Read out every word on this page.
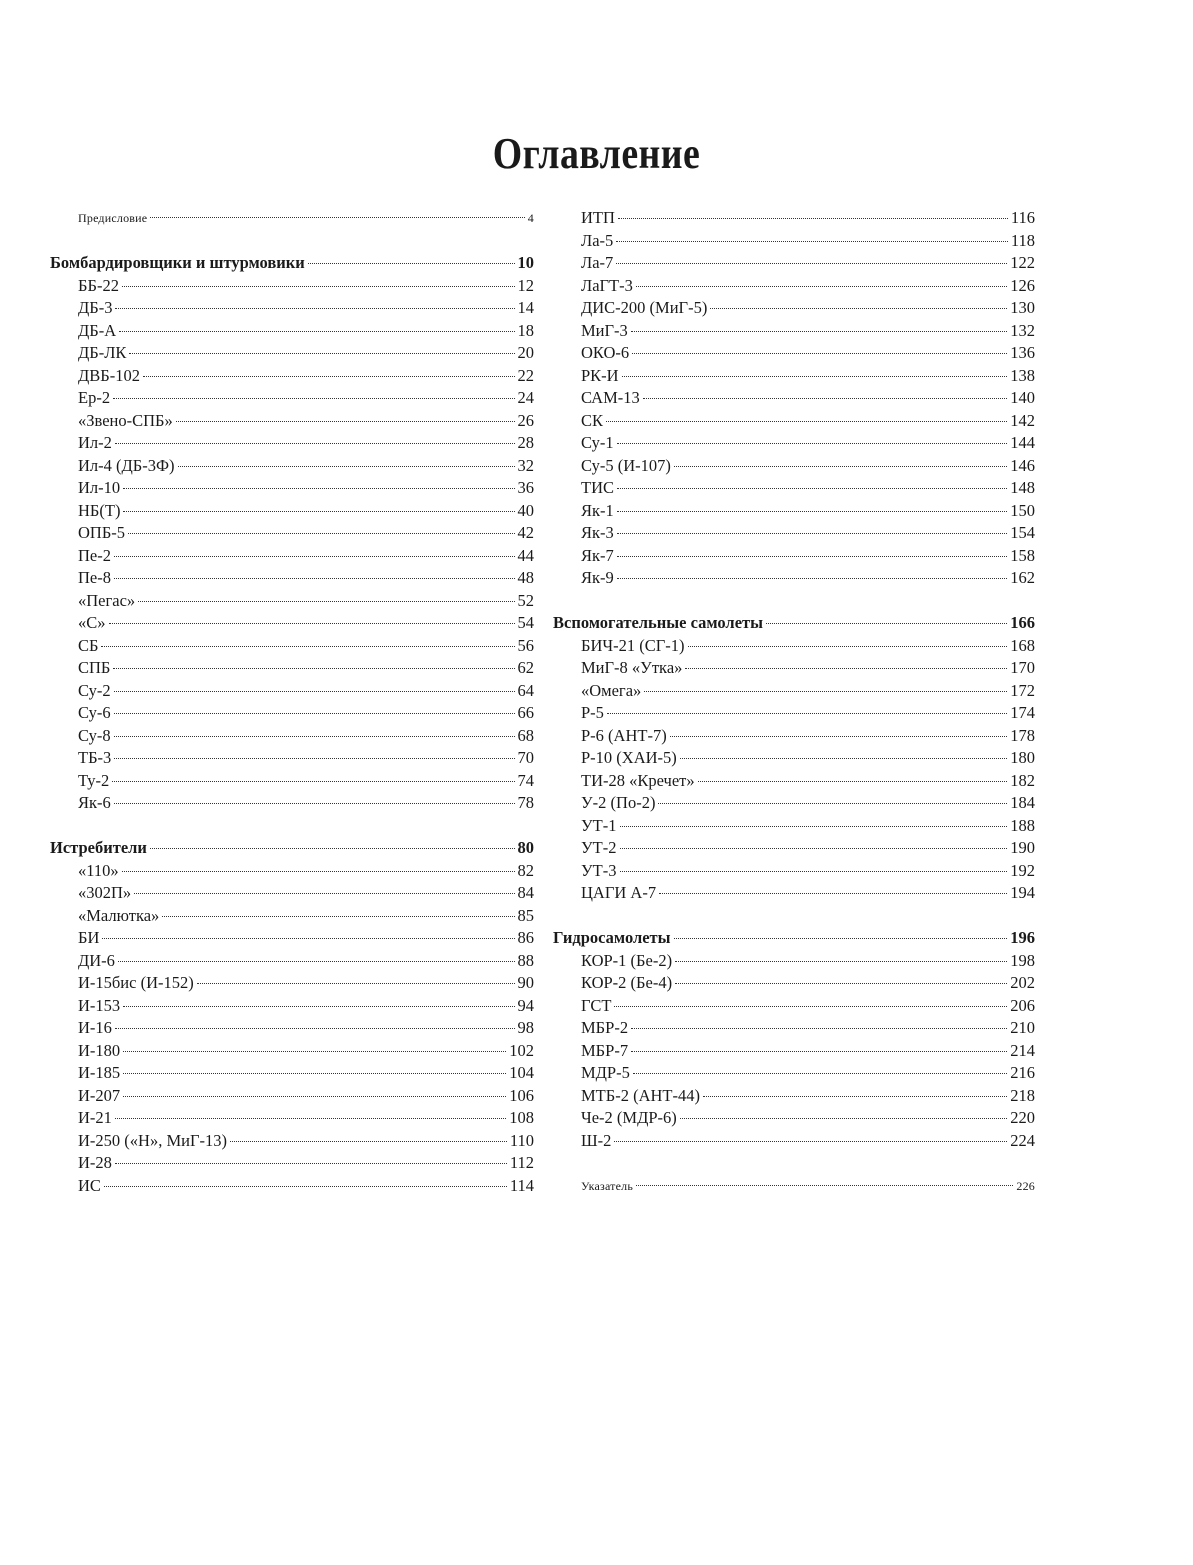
Оглавление
Предисловие	4
Бомбардировщики и штурмовики	10
ББ-22	12
ДБ-3	14
ДБ-А	18
ДБ-ЛК	20
ДВБ-102	22
Ер-2	24
«Звено-СПБ»	26
Ил-2	28
Ил-4 (ДБ-3Ф)	32
Ил-10	36
НБ(Т)	40
ОПБ-5	42
Пе-2	44
Пе-8	48
«Пегас»	52
«С»	54
СБ	56
СПБ	62
Су-2	64
Су-6	66
Су-8	68
ТБ-3	70
Ту-2	74
Як-6	78
Истребители	80
«110»	82
«302П»	84
«Малютка»	85
БИ	86
ДИ-6	88
И-15бис (И-152)	90
И-153	94
И-16	98
И-180	102
И-185	104
И-207	106
И-21	108
И-250 («Н», МиГ-13)	110
И-28	112
ИС	114
ИТП	116
Ла-5	118
Ла-7	122
ЛаГТ-3	126
ДИС-200 (МиГ-5)	130
МиГ-3	132
ОКО-6	136
РК-И	138
САМ-13	140
СК	142
Су-1	144
Су-5 (И-107)	146
ТИС	148
Як-1	150
Як-3	154
Як-7	158
Як-9	162
Вспомогательные самолеты	166
БИЧ-21 (СГ-1)	168
МиГ-8 «Утка»	170
«Омега»	172
Р-5	174
Р-6 (АНТ-7)	178
Р-10 (ХАИ-5)	180
ТИ-28 «Кречет»	182
У-2 (По-2)	184
УТ-1	188
УТ-2	190
УТ-3	192
ЦАГИ А-7	194
Гидросамолеты	196
КОР-1 (Бе-2)	198
КОР-2 (Бе-4)	202
ГСТ	206
МБР-2	210
МБР-7	214
МДР-5	216
МТБ-2 (АНТ-44)	218
Че-2 (МДР-6)	220
Ш-2	224
Указатель	226
